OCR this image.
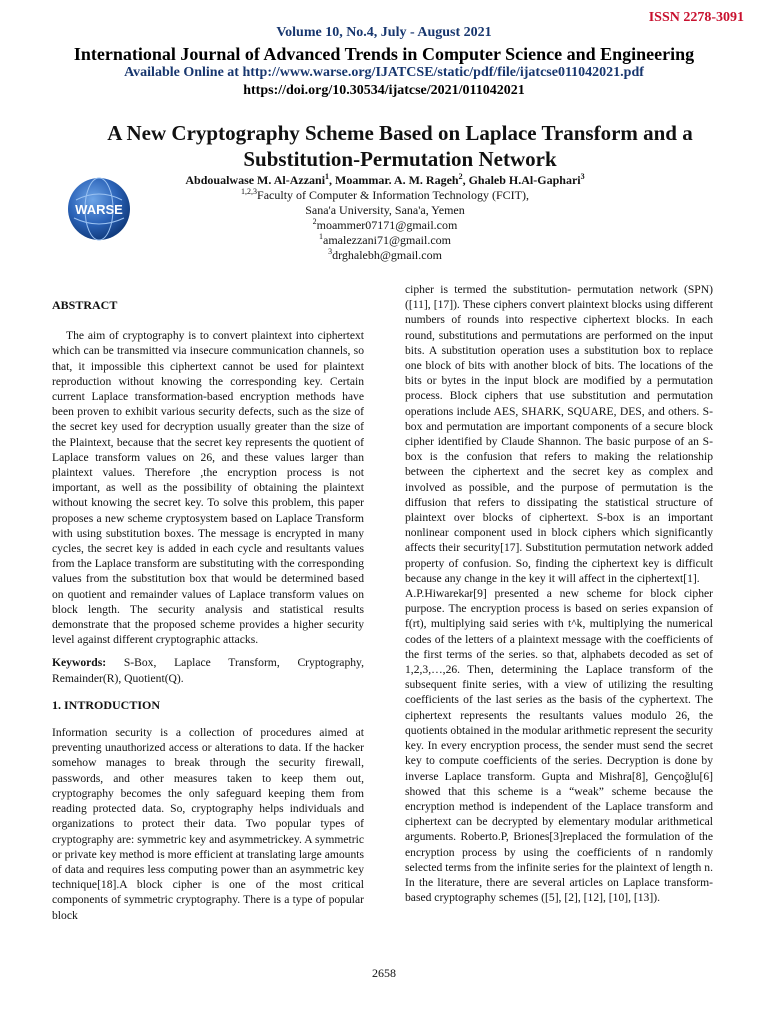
ISSN 2278-3091
Volume 10, No.4, July - August 2021
International Journal of Advanced Trends in Computer Science and Engineering
Available Online at http://www.warse.org/IJATCSE/static/pdf/file/ijatcse011042021.pdf
https://doi.org/10.30534/ijatcse/2021/011042021
A New Cryptography Scheme Based on Laplace Transform and a Substitution-Permutation Network
WARSE
Abdoualwase M. Al-Azzani$^1$, Moammar. A. M. Rageh$^2$, Ghaleb H.Al-Gaphari$^3$
$^{1,2,3}$Faculty of Computer & Information Technology (FCIT),
Sana'a University, Sana'a, Yemen
$^2$moammer07171@gmail.com
$^1$amalezzani71@gmail.com
$^3$drghalebh@gmail.com

ABSTRACT

The aim of cryptography is to convert plaintext into ciphertext which can be transmitted via insecure communication channels, so that, it impossible this ciphertext cannot be used for plaintext reproduction without knowing the corresponding key. Certain current Laplace transformation-based encryption methods have been proven to exhibit various security defects, such as the size of the secret key used for decryption usually greater than the size of the Plaintext, because that the secret key represents the quotient of Laplace transform values on 26, and these values larger than plaintext values. Therefore ,the encryption process is not important, as well as the possibility of obtaining the plaintext without knowing the secret key. To solve this problem, this paper proposes a new scheme cryptosystem based on Laplace Transform with using substitution boxes. The message is encrypted in many cycles, the secret key is added in each cycle and resultants values from the Laplace transform are substituting with the corresponding values from the substitution box that would be determined based on quotient and remainder values of Laplace transform values on block length. The security analysis and statistical results demonstrate that the proposed scheme provides a higher security level against different cryptographic attacks.

Keywords: S-Box, Laplace Transform, Cryptography, Remainder(R), Quotient(Q).

1. INTRODUCTION

Information security is a collection of procedures aimed at preventing unauthorized access or alterations to data. If the hacker somehow manages to break through the security firewall, passwords, and other measures taken to keep them out, cryptography becomes the only safeguard keeping them from reading protected data. So, cryptography helps individuals and organizations to protect their data. Two popular types of cryptography are: symmetric key and asymmetrickey. A symmetric or private key method is more efficient at translating large amounts of data and requires less computing power than an asymmetric key technique[18].A block cipher is one of the most critical components of symmetric cryptography. There is a type of popular block

cipher is termed the substitution- permutation network (SPN)([11], [17]). These ciphers convert plaintext blocks using different numbers of rounds into respective ciphertext blocks. In each round, substitutions and permutations are performed on the input bits. A substitution operation uses a substitution box to replace one block of bits with another block of bits. The locations of the bits or bytes in the input block are modified by a permutation process. Block ciphers that use substitution and permutation operations include AES, SHARK, SQUARE, DES, and others. S-box and permutation are important components of a secure block cipher identified by Claude Shannon. The basic purpose of an S-box is the confusion that refers to making the relationship between the ciphertext and the secret key as complex and involved as possible, and the purpose of permutation is the diffusion that refers to dissipating the statistical structure of plaintext over blocks of ciphertext. S-box is an important nonlinear component used in block ciphers which significantly affects their security[17]. Substitution permutation network added property of confusion. So, finding the ciphertext key is difficult because any change in the key it will affect in the ciphertext[1].

A.P.Hiwarekar[9] presented a new scheme for block cipher purpose. The encryption process is based on series expansion of f(rt), multiplying said series with t^k, multiplying the numerical codes of the letters of a plaintext message with the coefficients of the first terms of the series. so that, alphabets decoded as set of 1,2,3,…,26. Then, determining the Laplace transform of the subsequent finite series, with a view of utilizing the resulting coefficients of the last series as the basis of the cyphertext. The ciphertext represents the resultants values modulo 26, the quotients obtained in the modular arithmetic represent the security key. In every encryption process, the sender must send the secret key to compute coefficients of the series. Decryption is done by inverse Laplace transform. Gupta and Mishra[8], Gençoğlu[6] showed that this scheme is a “weak” scheme because the encryption method is independent of the Laplace transform and ciphertext can be decrypted by elementary modular arithmetical arguments. Roberto.P, Briones[3]replaced the formulation of the encryption process by using the coefficients of n randomly selected terms from the infinite series for the plaintext of length n. In the literature, there are several articles on Laplace transform-based cryptography schemes ([5], [2], [12], [10], [13]).

2658
